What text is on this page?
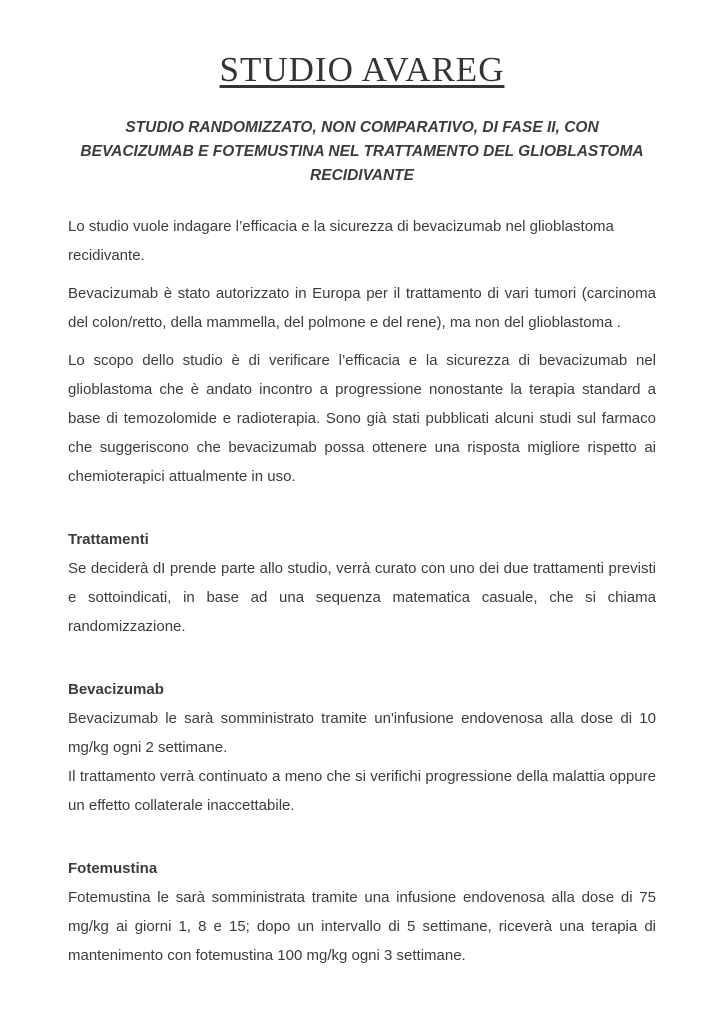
STUDIO AVAREG
STUDIO RANDOMIZZATO, NON COMPARATIVO, DI FASE II, CON BEVACIZUMAB E FOTEMUSTINA NEL TRATTAMENTO DEL GLIOBLASTOMA RECIDIVANTE

Lo studio vuole indagare l’efficacia e la sicurezza di bevacizumab nel glioblastoma recidivante.

Bevacizumab è stato autorizzato in Europa per il trattamento di vari tumori (carcinoma del colon/retto, della mammella, del polmone e del rene), ma non del glioblastoma .

Lo scopo dello studio è di verificare l’efficacia e la sicurezza di bevacizumab nel glioblastoma che è andato incontro a progressione nonostante la terapia standard a base di temozolomide e radioterapia. Sono già stati pubblicati alcuni studi sul farmaco che suggeriscono che bevacizumab possa ottenere una risposta migliore rispetto ai chemioterapici attualmente in uso.

Trattamenti

Se deciderà dI prende parte allo studio, verrà curato con uno dei due trattamenti previsti e sottoindicati, in base ad una sequenza matematica casuale, che si chiama randomizzazione.

Bevacizumab

Bevacizumab le sarà somministrato tramite un'infusione endovenosa alla dose di 10 mg/kg ogni 2 settimane.

Il trattamento verrà continuato a meno che si verifichi progressione della malattia oppure un effetto collaterale inaccettabile.

Fotemustina

Fotemustina le sarà somministrata tramite una infusione endovenosa alla dose di 75 mg/kg ai giorni 1, 8 e 15; dopo un intervallo di 5 settimane, riceverà una terapia di mantenimento con fotemustina 100 mg/kg ogni 3 settimane.
